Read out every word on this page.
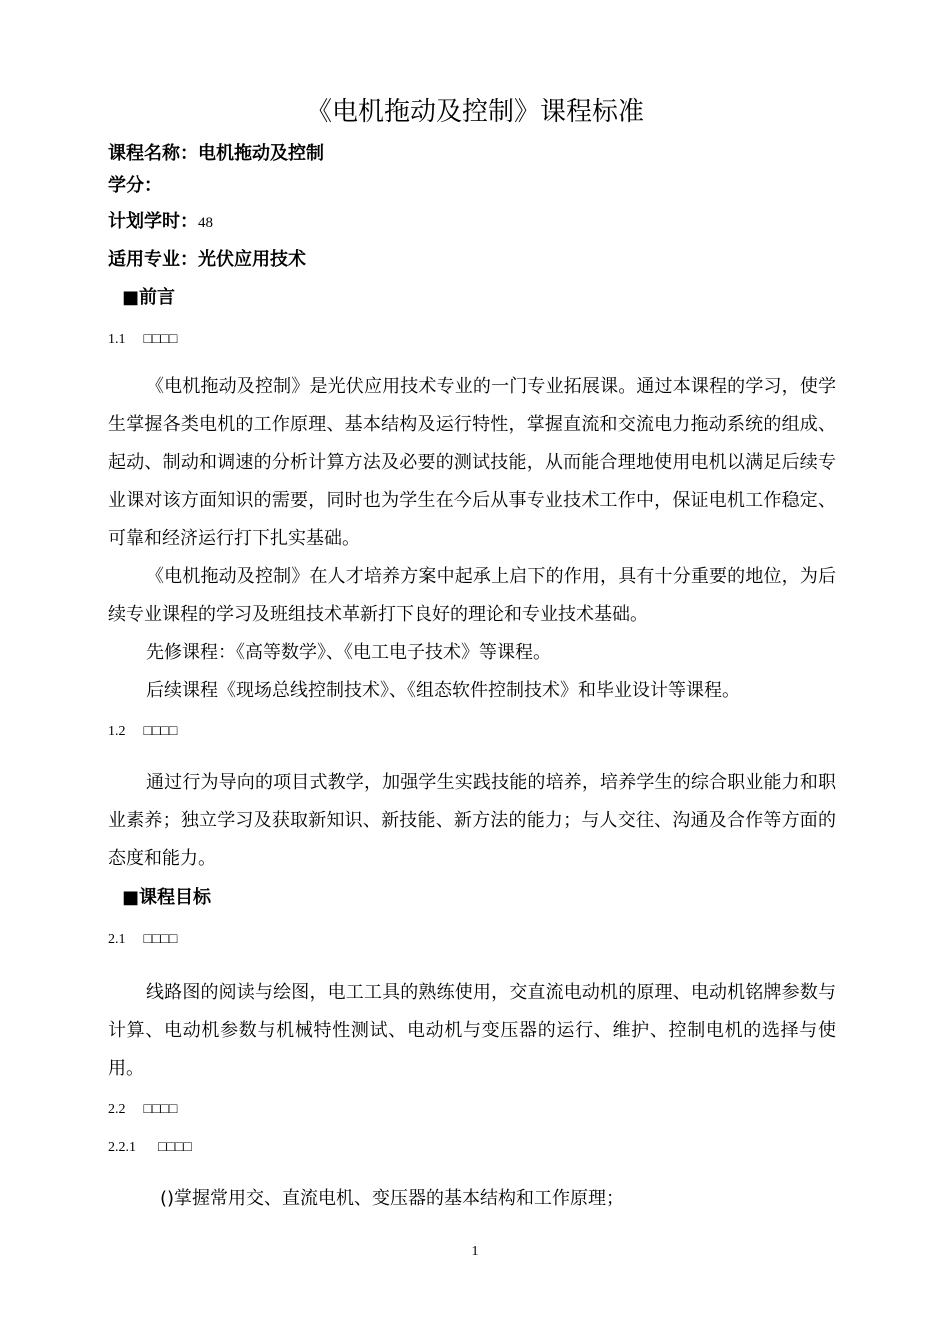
《电机拖动及控制》课程标准
课程名称：电机拖动及控制
学分：
计划学时：48
适用专业：光伏应用技术
■前言
1.1 □□□□
《电机拖动及控制》是光伏应用技术专业的一门专业拓展课。通过本课程的学习，使学生掌握各类电机的工作原理、基本结构及运行特性，掌握直流和交流电力拖动系统的组成、起动、制动和调速的分析计算方法及必要的测试技能，从而能合理地使用电机以满足后续专业课对该方面知识的需要，同时也为学生在今后从事专业技术工作中，保证电机工作稳定、可靠和经济运行打下扎实基础。
《电机拖动及控制》在人才培养方案中起承上启下的作用，具有十分重要的地位，为后续专业课程的学习及班组技术革新打下良好的理论和专业技术基础。
先修课程：《高等数学》、《电工电子技术》等课程。
后续课程《现场总线控制技术》、《组态软件控制技术》和毕业设计等课程。
1.2 □□□□
通过行为导向的项目式教学，加强学生实践技能的培养，培养学生的综合职业能力和职业素养；独立学习及获取新知识、新技能、新方法的能力；与人交往、沟通及合作等方面的态度和能力。
■课程目标
2.1 □□□□
线路图的阅读与绘图，电工工具的熟练使用，交直流电动机的原理、电动机铭牌参数与计算、电动机参数与机械特性测试、电动机与变压器的运行、维护、控制电机的选择与使用。
2.2 □□□□
2.2.1 □□□□
()掌握常用交、直流电机、变压器的基本结构和工作原理；
1
